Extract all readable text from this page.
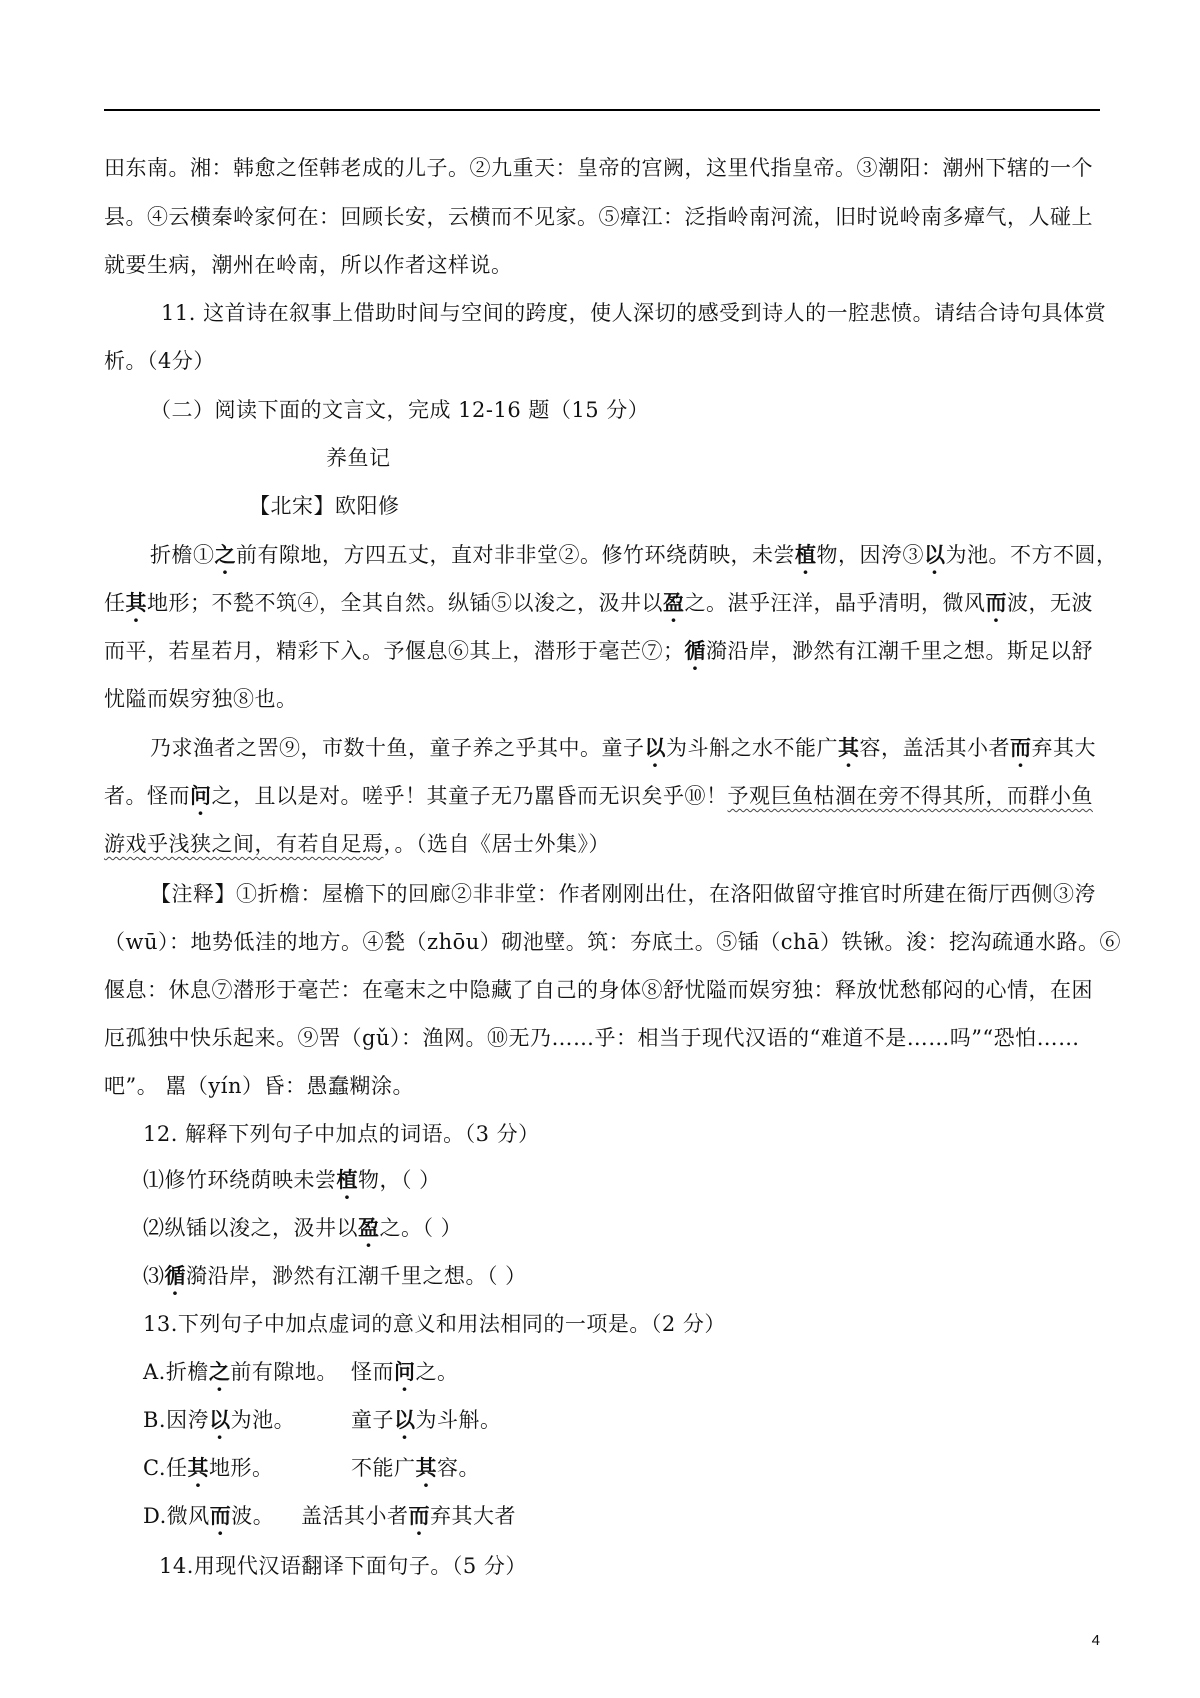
田东南。湘：韩愈之侄韩老成的儿子。②九重天：皇帝的宫阙，这里代指皇帝。③潮阳：潮州下辖的一个
县。④云横秦岭家何在：回顾长安，云横而不见家。⑤瘴江：泛指岭南河流，旧时说岭南多瘴气，人碰上
就要生病，潮州在岭南，所以作者这样说。
11. 这首诗在叙事上借助时间与空间的跨度，使人深切的感受到诗人的一腔悲愤。请结合诗句具体赏
析。（4分）
（二）阅读下面的文言文，完成 12-16 题（15 分）
养鱼记
【北宋】欧阳修
折檐①之前有隙地，方四五丈，直对非非堂②。修竹环绕荫映，未尝植物，因洿③以为池。不方不圆，
任其地形；不甃不筑④，全其自然。纵锸⑤以浚之，汲井以盈之。湛乎汪洋，晶乎清明，微风而波，无波
而平，若星若月，精彩下入。予偃息⑥其上，潜形于毫芒⑦；循漪沿岸，渺然有江潮千里之想。斯足以舒
忧隘而娱穷独⑧也。
乃求渔者之罟⑨，市数十鱼，童子养之乎其中。童子以为斗斛之水不能广其容，盖活其小者而弃其大
者。怪而问之，且以是对。嗟乎！其童子无乃嚚昏而无识矣乎⑩！予观巨鱼枯涸在旁不得其所，而群小鱼
游戏乎浅狭之间，有若自足焉，。（选自《居士外集》）
【注释】①折檐：屋檐下的回廊②非非堂：作者刚刚出仕，在洛阳做留守推官时所建在衙厅西侧③洿
（wū）：地势低洼的地方。④甃（zhōu）砌池壁。筑：夯底土。⑤锸（chā）铁锹。浚：挖沟疏通水路。⑥
偃息：休息⑦潜形于毫芒：在毫末之中隐藏了自己的身体⑧舒忧隘而娱穷独：释放忧愁郁闷的心情，在困
厄孤独中快乐起来。⑨罟（gǔ）：渔网。⑩无乃……乎：相当于现代汉语的“难道不是……吗”“恐怕……
吧”。 嚚（yín）昏：愚蠢糊涂。
12. 解释下列句子中加点的词语。（3 分）
⑴修竹环绕荫映未尝植物，（ ）
⑵纵锸以浚之，汲井以盈之。（ ）
⑶循漪沿岸，渺然有江潮千里之想。（ ）
13.下列句子中加点虚词的意义和用法相同的一项是。（2 分）
A.折檐之前有隙地。 怪而问之。
B.因洿以为池。	童子以为斗斛。
C.任其地形。	不能广其容。
D.微风而波。 盖活其小者而弃其大者
14.用现代汉语翻译下面句子。（5 分）
4
